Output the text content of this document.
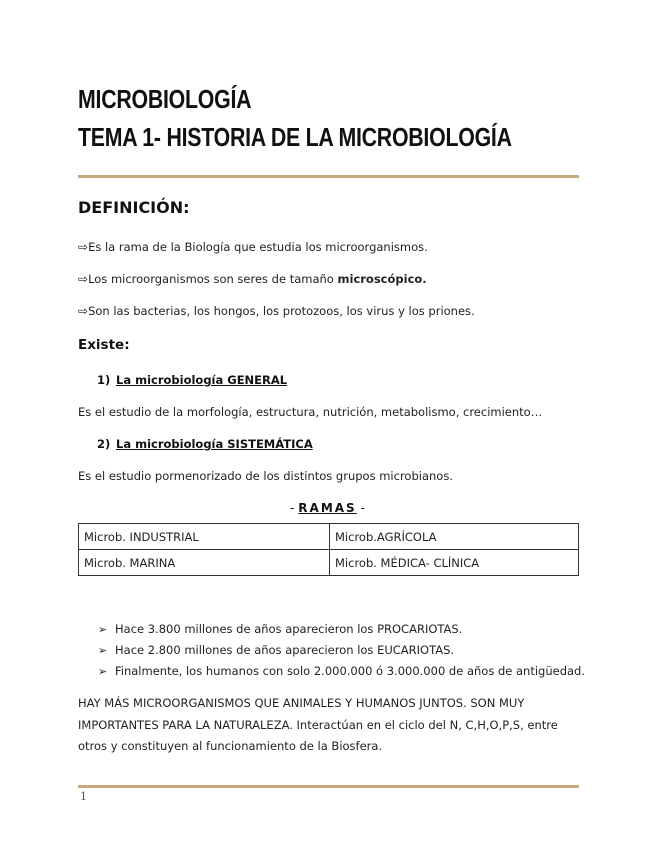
MICROBIOLOGÍA
TEMA 1- HISTORIA DE LA MICROBIOLOGÍA
DEFINICIÓN:
⇨Es la rama de la Biología que estudia los microorganismos.
⇨Los microorganismos son seres de tamaño microscópico.
⇨Son las bacterias, los hongos, los protozoos, los virus y los priones.
Existe:
1) La microbiología GENERAL
Es el estudio de la morfología, estructura, nutrición, metabolismo, crecimiento…
2) La microbiología SISTEMÁTICA
Es el estudio pormenorizado de los distintos grupos microbianos.
- RAMAS -
Microb. INDUSTRIAL	Microb.AGRÍCOLA
Microb. MARINA	Microb. MÉDICA- CLÍNICA
➢ Hace 3.800 millones de años aparecieron los PROCARIOTAS.
➢ Hace 2.800 millones de años aparecieron los EUCARIOTAS.
➢ Finalmente, los humanos con solo 2.000.000 ó 3.000.000 de años de antigüedad.
HAY MÁS MICROORGANISMOS QUE ANIMALES Y HUMANOS JUNTOS. SON MUY IMPORTANTES PARA LA NATURALEZA. Interactúan en el ciclo del N, C,H,O,P,S, entre otros y constituyen al funcionamiento de la Biosfera.
1
